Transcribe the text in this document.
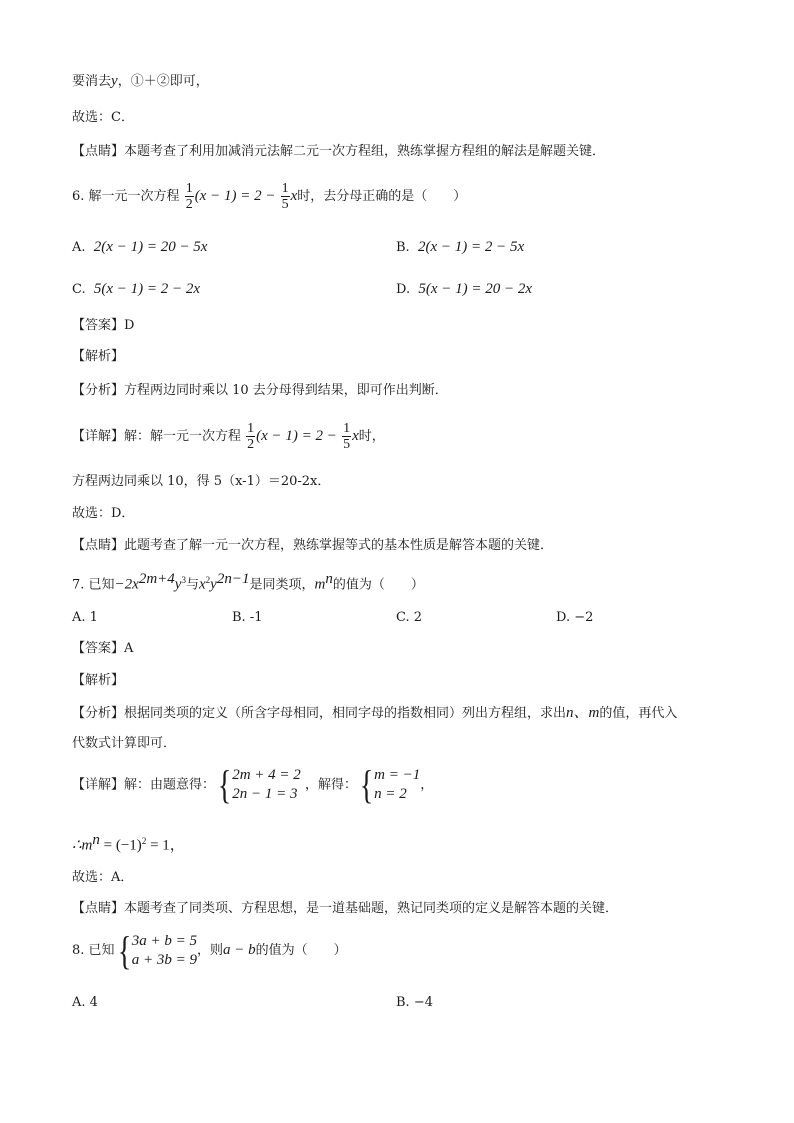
要消去y，①＋②即可，
故选：C．
【点睛】本题考查了利用加减消元法解二元一次方程组，熟练掌握方程组的解法是解题关键．
6. 解一元一次方程 $\frac{1}{2} (x - 1) = 2 - \frac{1}{5}$ x时，去分母正确的是（　　）
A. 2(x − 1) = 20 − 5x	B. 2(x − 1) = 2 − 5x
C. 5(x − 1) = 2 − 2x	D. 5(x − 1) = 20 − 2x
【答案】D
【解析】
【分析】方程两边同时乘以 10 去分母得到结果，即可作出判断．
【详解】解：解一元一次方程 $\frac{1}{2} (x - 1) = 2 - \frac{1}{5}$ x时，
方程两边同乘以 10，得 5（x-1）＝20-2x．
故选：D．
【点睛】此题考查了解一元一次方程，熟练掌握等式的基本性质是解答本题的关键．
7. 已知$-2x^{2m+4}y^3$与$x^2y^{2n-1}$是同类项，$m^n$的值为（　　）
A. 1	B. -1	C. 2	D. −2
【答案】A
【解析】
【分析】根据同类项的定义（所含字母相同，相同字母的指数相同）列出方程组，求出n、m的值，再代入
代数式计算即可．
【详解】解：由题意得：{ 2m + 4 = 2
2n − 1 = 3
，解得：{ m = −1
n = 2
，
$\therefore m^n = (-1)^2 = 1$，
故选：A．
【点睛】本题考查了同类项、方程思想，是一道基础题，熟记同类项的定义是解答本题的关键．
8. 已知{ 3a + b = 5
a + 3b = 9
，则a − b的值为（　　）
A. 4	B. −4
